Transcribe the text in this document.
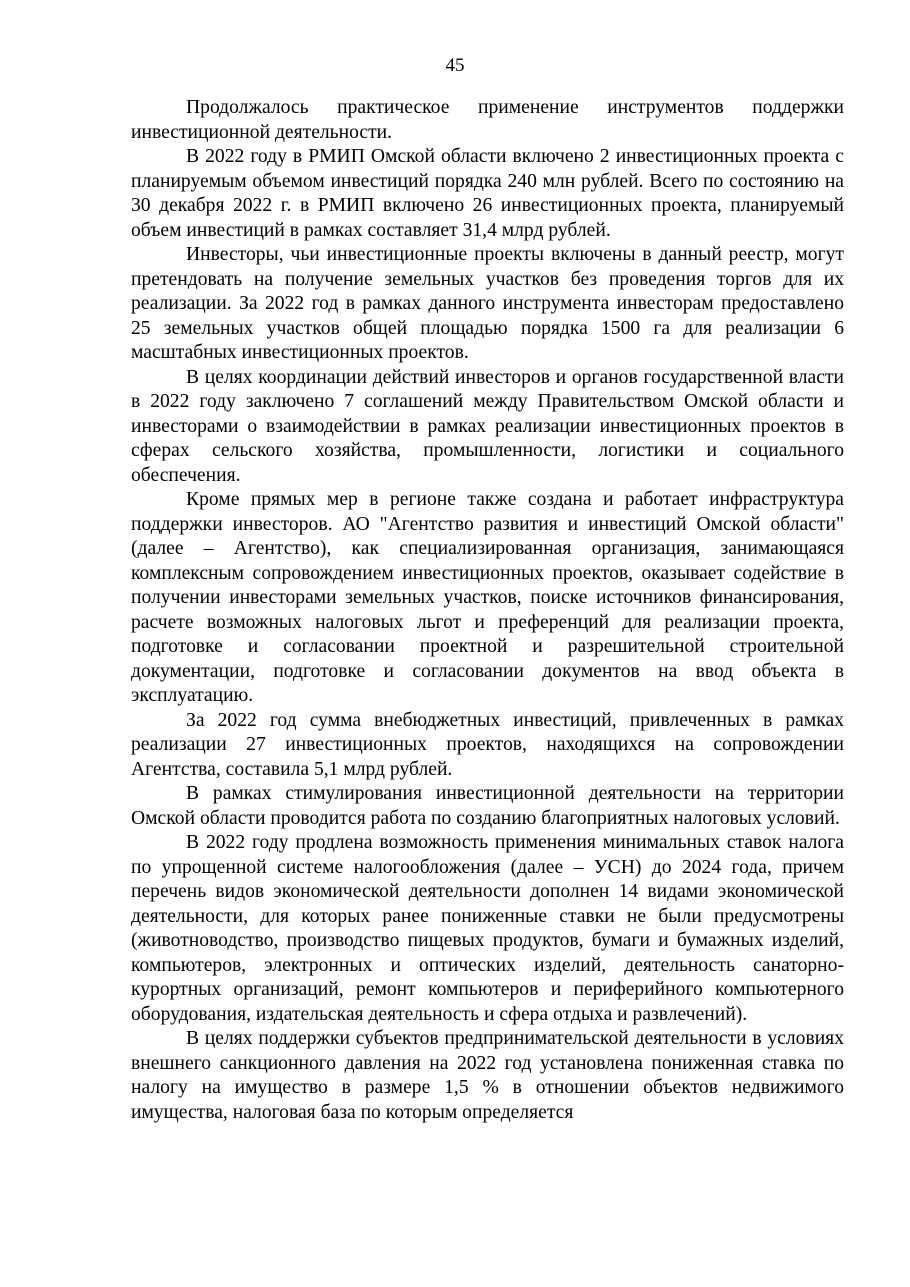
45

Продолжалось практическое применение инструментов поддержки инвестиционной деятельности.

В 2022 году в РМИП Омской области включено 2 инвестиционных проекта с планируемым объемом инвестиций порядка 240 млн рублей. Всего по состоянию на 30 декабря 2022 г. в РМИП включено 26 инвестиционных проекта, планируемый объем инвестиций в рамках составляет 31,4 млрд рублей.

Инвесторы, чьи инвестиционные проекты включены в данный реестр, могут претендовать на получение земельных участков без проведения торгов для их реализации. За 2022 год в рамках данного инструмента инвесторам предоставлено 25 земельных участков общей площадью порядка 1500 га для реализации 6 масштабных инвестиционных проектов.

В целях координации действий инвесторов и органов государственной власти в 2022 году заключено 7 соглашений между Правительством Омской области и инвесторами о взаимодействии в рамках реализации инвестиционных проектов в сферах сельского хозяйства, промышленности, логистики и социального обеспечения.

Кроме прямых мер в регионе также создана и работает инфраструктура поддержки инвесторов. АО "Агентство развития и инвестиций Омской области" (далее – Агентство), как специализированная организация, занимающаяся комплексным сопровождением инвестиционных проектов, оказывает содействие в получении инвесторами земельных участков, поиске источников финансирования, расчете возможных налоговых льгот и преференций для реализации проекта, подготовке и согласовании проектной и разрешительной строительной документации, подготовке и согласовании документов на ввод объекта в эксплуатацию.

За 2022 год сумма внебюджетных инвестиций, привлеченных в рамках реализации 27 инвестиционных проектов, находящихся на сопровождении Агентства, составила 5,1 млрд рублей.

В рамках стимулирования инвестиционной деятельности на территории Омской области проводится работа по созданию благоприятных налоговых условий.

В 2022 году продлена возможность применения минимальных ставок налога по упрощенной системе налогообложения (далее – УСН) до 2024 года, причем перечень видов экономической деятельности дополнен 14 видами экономической деятельности, для которых ранее пониженные ставки не были предусмотрены (животноводство, производство пищевых продуктов, бумаги и бумажных изделий, компьютеров, электронных и оптических изделий, деятельность санаторно-курортных организаций, ремонт компьютеров и периферийного компьютерного оборудования, издательская деятельность и сфера отдыха и развлечений).

В целях поддержки субъектов предпринимательской деятельности в условиях внешнего санкционного давления на 2022 год установлена пониженная ставка по налогу на имущество в размере 1,5 % в отношении объектов недвижимого имущества, налоговая база по которым определяется
